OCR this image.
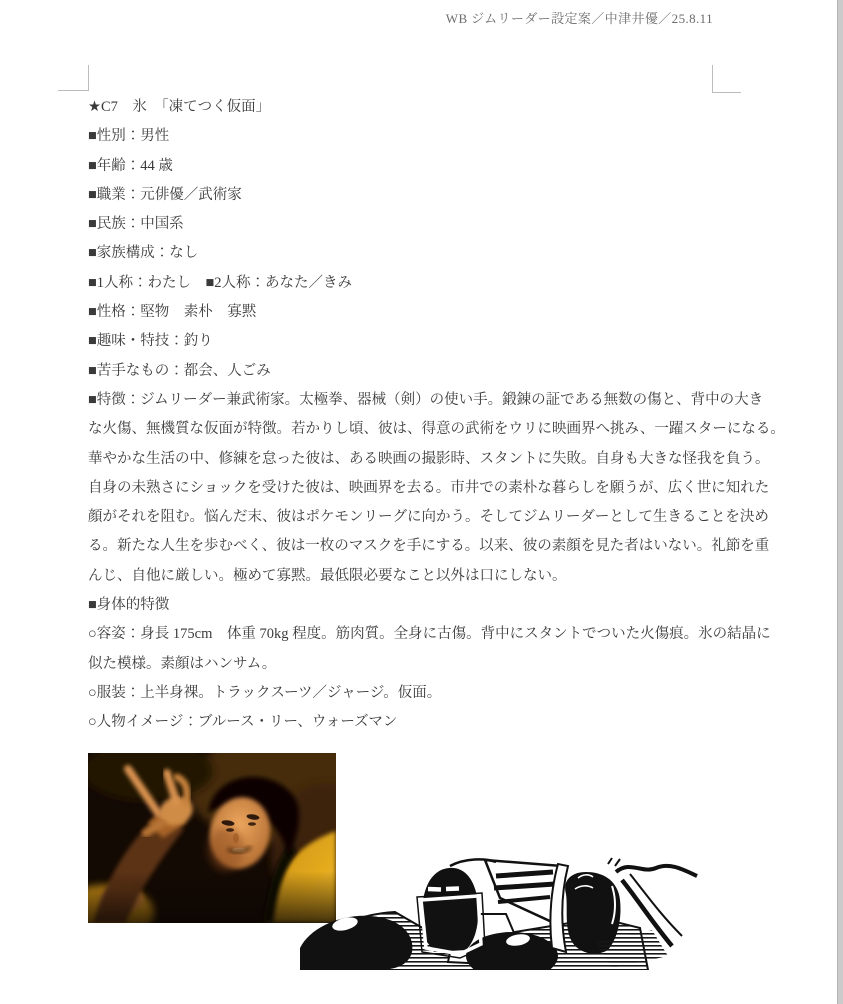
WB ジムリーダー設定案／中津井優／25.8.11
★C7　氷　「凍てつく仮面」
■性別：男性
■年齢：44 歳
■職業：元俳優／武術家
■民族：中国系
■家族構成：なし
■1人称：わたし　■2人称：あなた／きみ
■性格：堅物　素朴　寡黙
■趣味・特技：釣り
■苦手なもの：都会、人ごみ
■特徴：ジムリーダー兼武術家。太極拳、器械（剣）の使い手。鍛錬の証である無数の傷と、背中の大き
な火傷、無機質な仮面が特徴。若かりし頃、彼は、得意の武術をウリに映画界へ挑み、一躍スターになる。
華やかな生活の中、修練を怠った彼は、ある映画の撮影時、スタントに失敗。自身も大きな怪我を負う。
自身の未熟さにショックを受けた彼は、映画界を去る。市井での素朴な暮らしを願うが、広く世に知れた
顔がそれを阻む。悩んだ末、彼はポケモンリーグに向かう。そしてジムリーダーとして生きることを決め
る。新たな人生を歩むべく、彼は一枚のマスクを手にする。以来、彼の素顔を見た者はいない。礼節を重
んじ、自他に厳しい。極めて寡黙。最低限必要なこと以外は口にしない。
■身体的特徴
○容姿：身長 175cm　体重 70kg 程度。筋肉質。全身に古傷。背中にスタントでついた火傷痕。氷の結晶に
似た模様。素顔はハンサム。
○服装：上半身裸。トラックスーツ／ジャージ。仮面。
○人物イメージ：ブルース・リー、ウォーズマン
